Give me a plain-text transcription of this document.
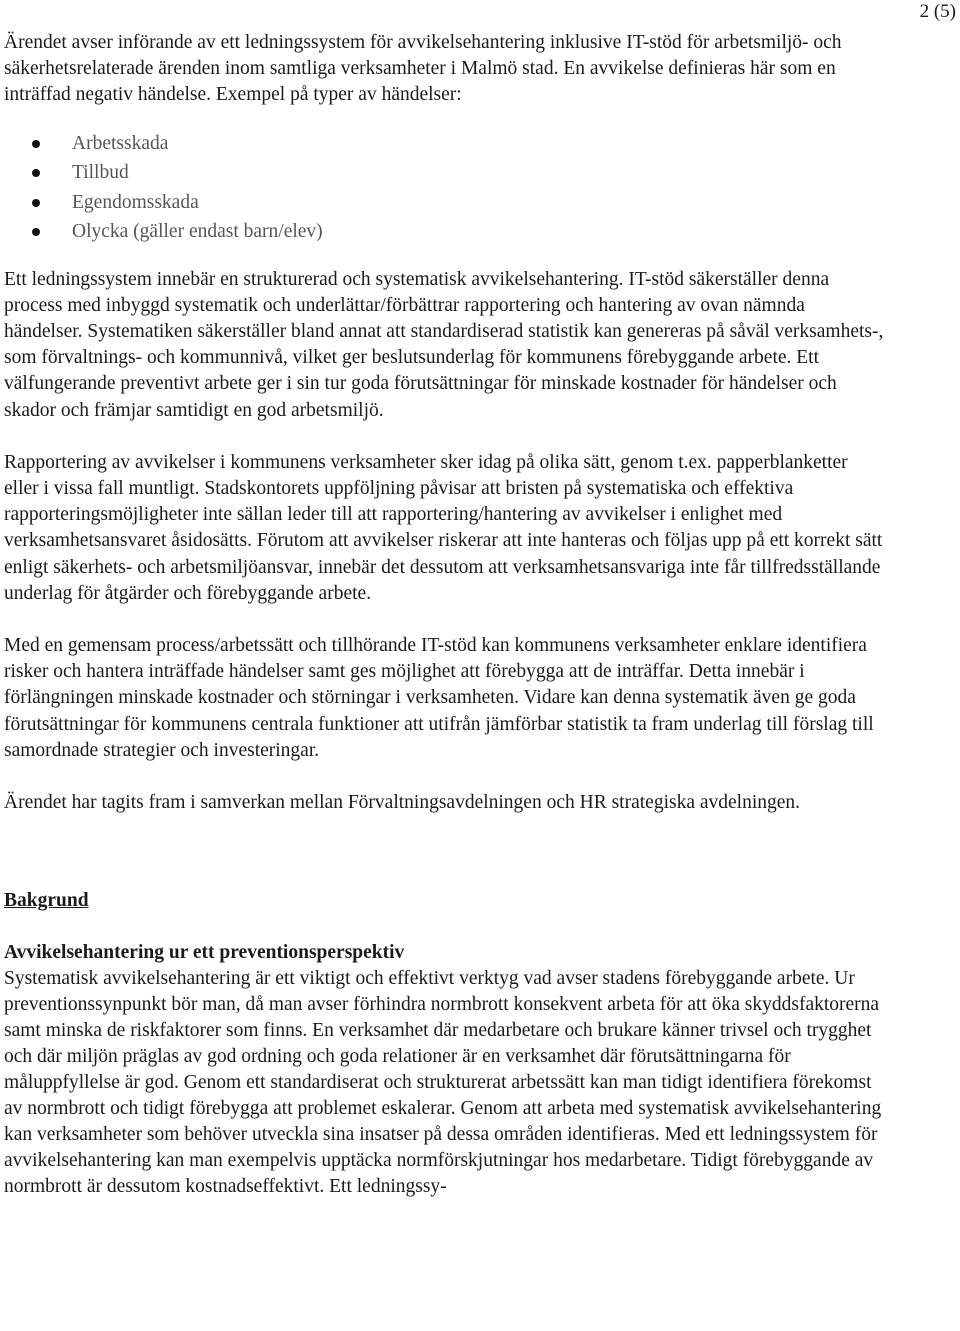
2 (5)

Ärendet avser införande av ett ledningssystem för avvikelsehantering inklusive IT-stöd för arbetsmiljö- och säkerhetsrelaterade ärenden inom samtliga verksamheter i Malmö stad. En avvikelse definieras här som en inträffad negativ händelse. Exempel på typer av händelser:

Arbetsskada
Tillbud
Egendomsskada
Olycka (gäller endast barn/elev)

Ett ledningssystem innebär en strukturerad och systematisk avvikelsehantering. IT-stöd säkerställer denna process med inbyggd systematik och underlättar/förbättrar rapportering och hantering av ovan nämnda händelser. Systematiken säkerställer bland annat att standardiserad statistik kan genereras på såväl verksamhets-, som förvaltnings- och kommunnivå, vilket ger beslutsunderlag för kommunens förebyggande arbete. Ett välfungerande preventivt arbete ger i sin tur goda förutsättningar för minskade kostnader för händelser och skador och främjar samtidigt en god arbetsmiljö.

Rapportering av avvikelser i kommunens verksamheter sker idag på olika sätt, genom t.ex. papperblanketter eller i vissa fall muntligt. Stadskontorets uppföljning påvisar att bristen på systematiska och effektiva rapporteringsmöjligheter inte sällan leder till att rapportering/hantering av avvikelser i enlighet med verksamhetsansvaret åsidosätts. Förutom att avvikelser riskerar att inte hanteras och följas upp på ett korrekt sätt enligt säkerhets- och arbetsmiljöansvar, innebär det dessutom att verksamhetsansvariga inte får tillfredsställande underlag för åtgärder och förebyggande arbete.

Med en gemensam process/arbetssätt och tillhörande IT-stöd kan kommunens verksamheter enklare identifiera risker och hantera inträffade händelser samt ges möjlighet att förebygga att de inträffar. Detta innebär i förlängningen minskade kostnader och störningar i verksamheten. Vidare kan denna systematik även ge goda förutsättningar för kommunens centrala funktioner att utifrån jämförbar statistik ta fram underlag till förslag till samordnade strategier och investeringar.

Ärendet har tagits fram i samverkan mellan Förvaltningsavdelningen och HR strategiska avdelningen.

Bakgrund
Avvikelsehantering ur ett preventionsperspektiv

Systematisk avvikelsehantering är ett viktigt och effektivt verktyg vad avser stadens förebyggande arbete. Ur preventionssynpunkt bör man, då man avser förhindra normbrott konsekvent arbeta för att öka skyddsfaktorerna samt minska de riskfaktorer som finns. En verksamhet där medarbetare och brukare känner trivsel och trygghet och där miljön präglas av god ordning och goda relationer är en verksamhet där förutsättningarna för måluppfyllelse är god. Genom ett standardiserat och strukturerat arbetssätt kan man tidigt identifiera förekomst av normbrott och tidigt förebygga att problemet eskalerar. Genom att arbeta med systematisk avvikelsehantering kan verksamheter som behöver utveckla sina insatser på dessa områden identifieras. Med ett ledningssystem för avvikelsehantering kan man exempelvis upptäcka normförskjutningar hos medarbetare. Tidigt förebyggande av normbrott är dessutom kostnadseffektivt. Ett ledningssy-
